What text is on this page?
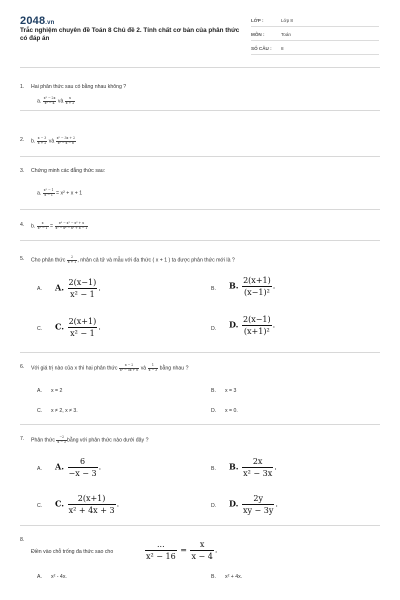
2048.vn
Trắc nghiệm chuyên đề Toán 8 Chủ đề 2. Tính chất cơ bản của phân thức có đáp án
LỚP :	Lớp 8
MÔN :	Toán
SỐ CÂU : 8
1. Hai phân thức sau có bằng nhau không ?
a. $\frac{\text{x² − 2x}}{\text{x² − 4}}$ và $\frac{x}{x + 2}$
2. b. $\frac{x - 3}{x + 2}$ và $\frac{\text{x² − 3x + 2}}{\text{x² − x − 6}}$
3. Chứng minh các đẳng thức sau:
a. $\frac{\text{x³ − 1}}{x - 1} = x^2 + x + 1$
4. b. $\frac{x}{\text{x² − 1}} = \frac{\text{x⁴ − x³ − x² + x}}{\text{x⁵ − x⁴ − x³ + x − 1}}$
5. Cho phân thức $\frac{2}{x + 1}$ , nhân cả tử và mẫu với đa thức ( x + 1 ) ta được phân thức mới là ?
A.	A. $\frac{2(x-1)}{\text{x² − 1}}$ .	B.	B. $\frac{2(x+1)}{\text{(x−1)²}}$ .
C.	C. $\frac{2(x+1)}{\text{x² − 1}}$ .	D.	D. $\frac{2(x-1)}{\text{(x+1)²}}$ .
6. Với giá trị nào của x thì hai phân thức $\frac{x - 2}{\text{x² − 5x + 6}}$ và $\frac{1}{x - 3}$ bằng nhau ?
A. x = 2	B. x = 3
C. x ≠ 2, x ≠ 3.	D. x = 0.
7. Phân thức $\frac{-2}{x - 3}$ bằng với phân thức nào dưới đây ?
A.	A. $\frac{6}{-x - 3}$ .	B.	B. $\frac{2x}{\text{x² − 3x}}$ .
C.	C. $\frac{2(x+1)}{\text{x² + 4x + 3}}$ .	D.	D. $\frac{2y}{xy - 3y}$ .
8.
Điền vào chỗ trống đa thức sao cho	$\frac{...}{\text{x² − 16}} = \frac{x}{x - 4}$ .
A. x² - 4x.	B. x² + 4x.
